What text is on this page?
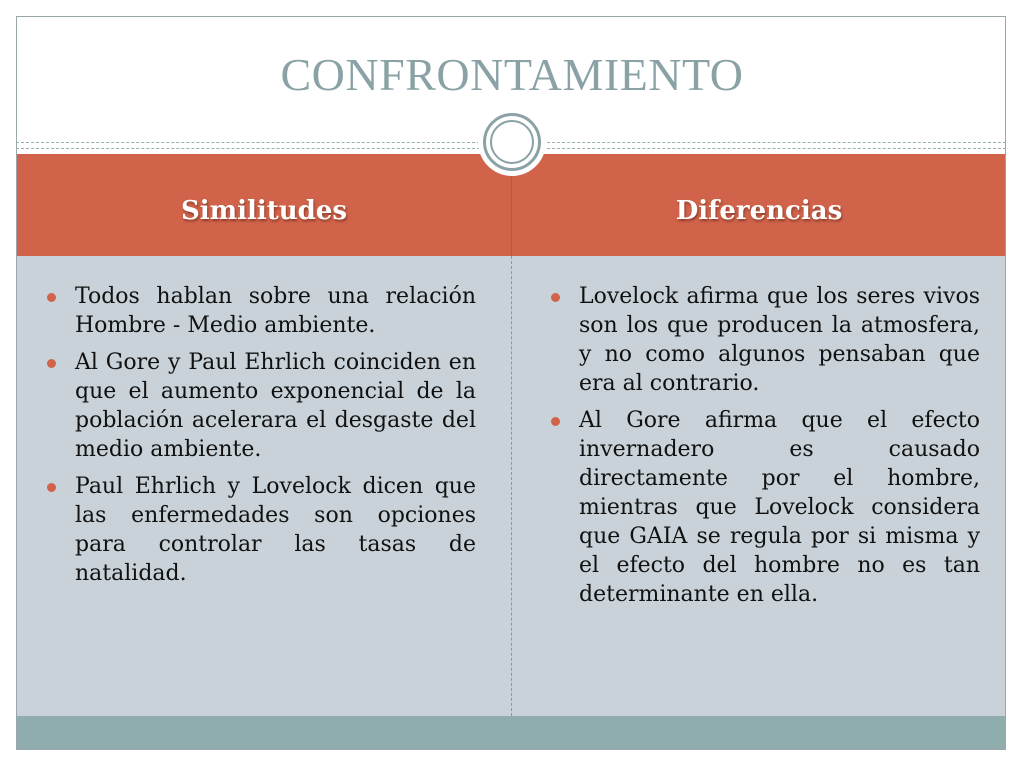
CONFRONTAMIENTO
Similitudes	Diferencias
Todos hablan sobre una relación Hombre - Medio ambiente.
Al Gore y Paul Ehrlich coinciden en que el aumento exponencial de la población acelerara el desgaste del medio ambiente.
Paul Ehrlich y Lovelock dicen que las enfermedades son opciones para controlar las tasas de natalidad.
Lovelock afirma que los seres vivos son los que producen la atmosfera, y no como algunos pensaban que era al contrario.
Al Gore afirma que el efecto invernadero es causado directamente por el hombre, mientras que Lovelock considera que GAIA se regula por si misma y el efecto del hombre no es tan determinante en ella.
